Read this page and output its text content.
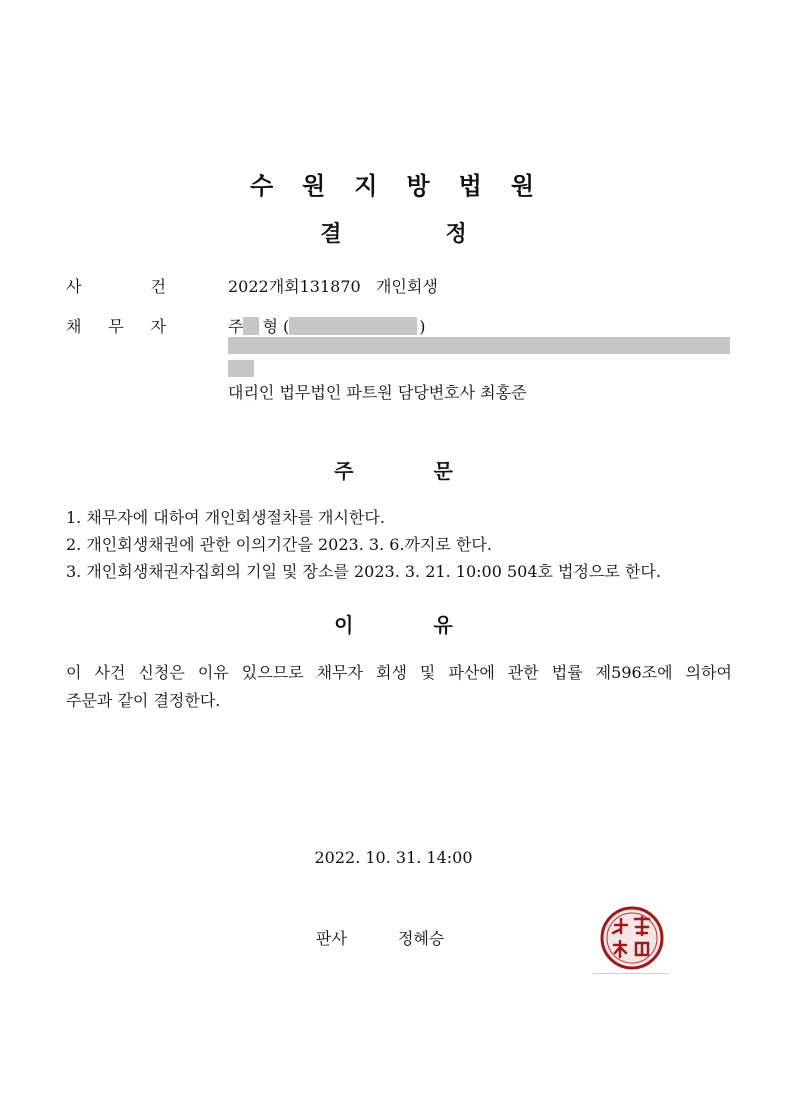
수원지방법원
결	정
사	건	2022개회131870   개인회생
채 무 자	주 형 (	)
대리인 법무법인 파트원 담당변호사 최홍준
주	문
1. 채무자에 대하여 개인회생절차를 개시한다.
2. 개인회생채권에 관한 이의기간을 2023. 3. 6.까지로 한다.
3. 개인회생채권자집회의 기일 및 장소를 2023. 3. 21. 10:00 504호 법정으로 한다.
이	유
이 사건 신청은 이유 있으므로 채무자 회생 및 파산에 관한 법률 제596조에 의하여
주문과 같이 결정한다.
2022. 10. 31. 14:00
판사	정혜승
